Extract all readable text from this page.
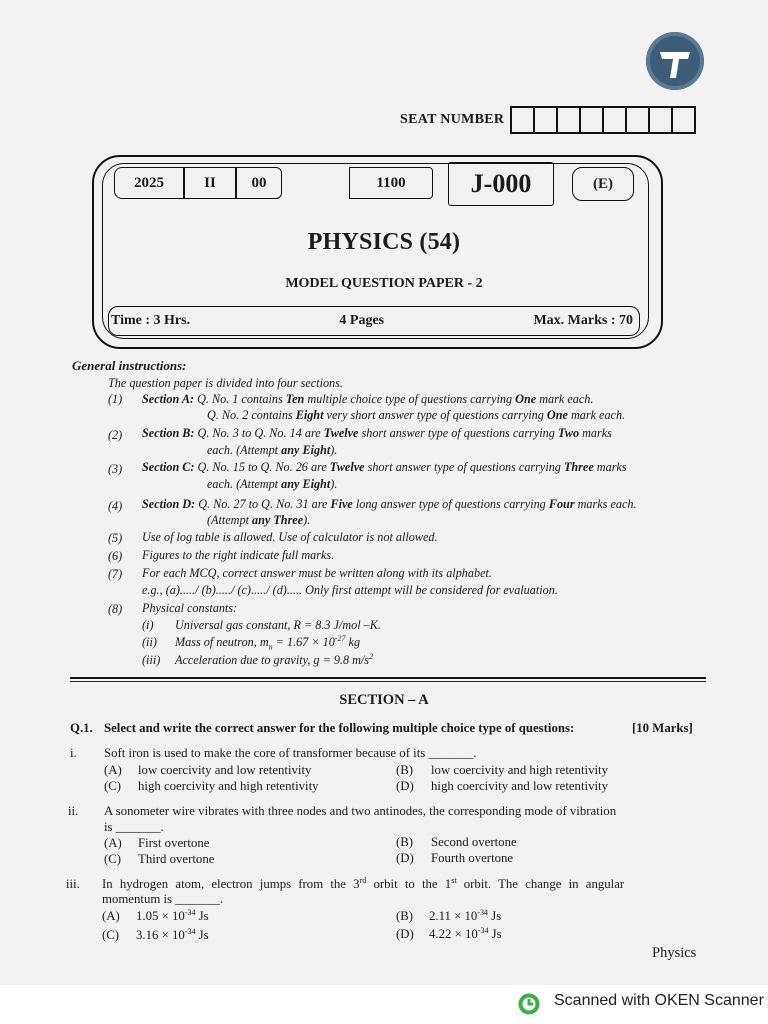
SEAT NUMBER
2025	II	00	1100	J-000	(E)
PHYSICS (54)
MODEL QUESTION PAPER - 2
Time : 3 Hrs.	4 Pages	Max. Marks : 70
General instructions:
The question paper is divided into four sections.
(1) Section A: Q. No. 1 contains Ten multiple choice type of questions carrying One mark each.
Q. No. 2 contains Eight very short answer type of questions carrying One mark each.
(2) Section B: Q. No. 3 to Q. No. 14 are Twelve short answer type of questions carrying Two marks
each. (Attempt any Eight).
(3) Section C: Q. No. 15 to Q. No. 26 are Twelve short answer type of questions carrying Three marks
each. (Attempt any Eight).
(4) Section D: Q. No. 27 to Q. No. 31 are Five long answer type of questions carrying Four marks each.
(Attempt any Three).
(5) Use of log table is allowed. Use of calculator is not allowed.
(6) Figures to the right indicate full marks.
(7) For each MCQ, correct answer must be written along with its alphabet.
e.g., (a)...../ (b)...../ (c)...../ (d)..... Only first attempt will be considered for evaluation.
(8) Physical constants:
(i) Universal gas constant, R = 8.3 J/mol –K.
(ii) Mass of neutron, $m_n = 1.67 \times 10^{-27}$ kg
(iii) Acceleration due to gravity, g = 9.8 $m/s^2$
SECTION – A
Q.1. Select and write the correct answer for the following multiple choice type of questions:	[10 Marks]
i. Soft iron is used to make the core of transformer because of its _______.
(A) low coercivity and low retentivity	(B) low coercivity and high retentivity
(C) high coercivity and high retentivity	(D) high coercivity and low retentivity
ii. A sonometer wire vibrates with three nodes and two antinodes, the corresponding mode of vibration
is _______.
(A) First overtone	(B) Second overtone
(C) Third overtone	(D) Fourth overtone
iii. In hydrogen atom, electron jumps from the 3rd orbit to the 1st orbit. The change in angular
momentum is _______.
(A) $1.05 \times 10^{-34}$ Js	(B) $2.11 \times 10^{-34}$ Js
(C) $3.16 \times 10^{-34}$ Js	(D) $4.22 \times 10^{-34}$ Js
Physics
Scanned with OKEN Scanner
